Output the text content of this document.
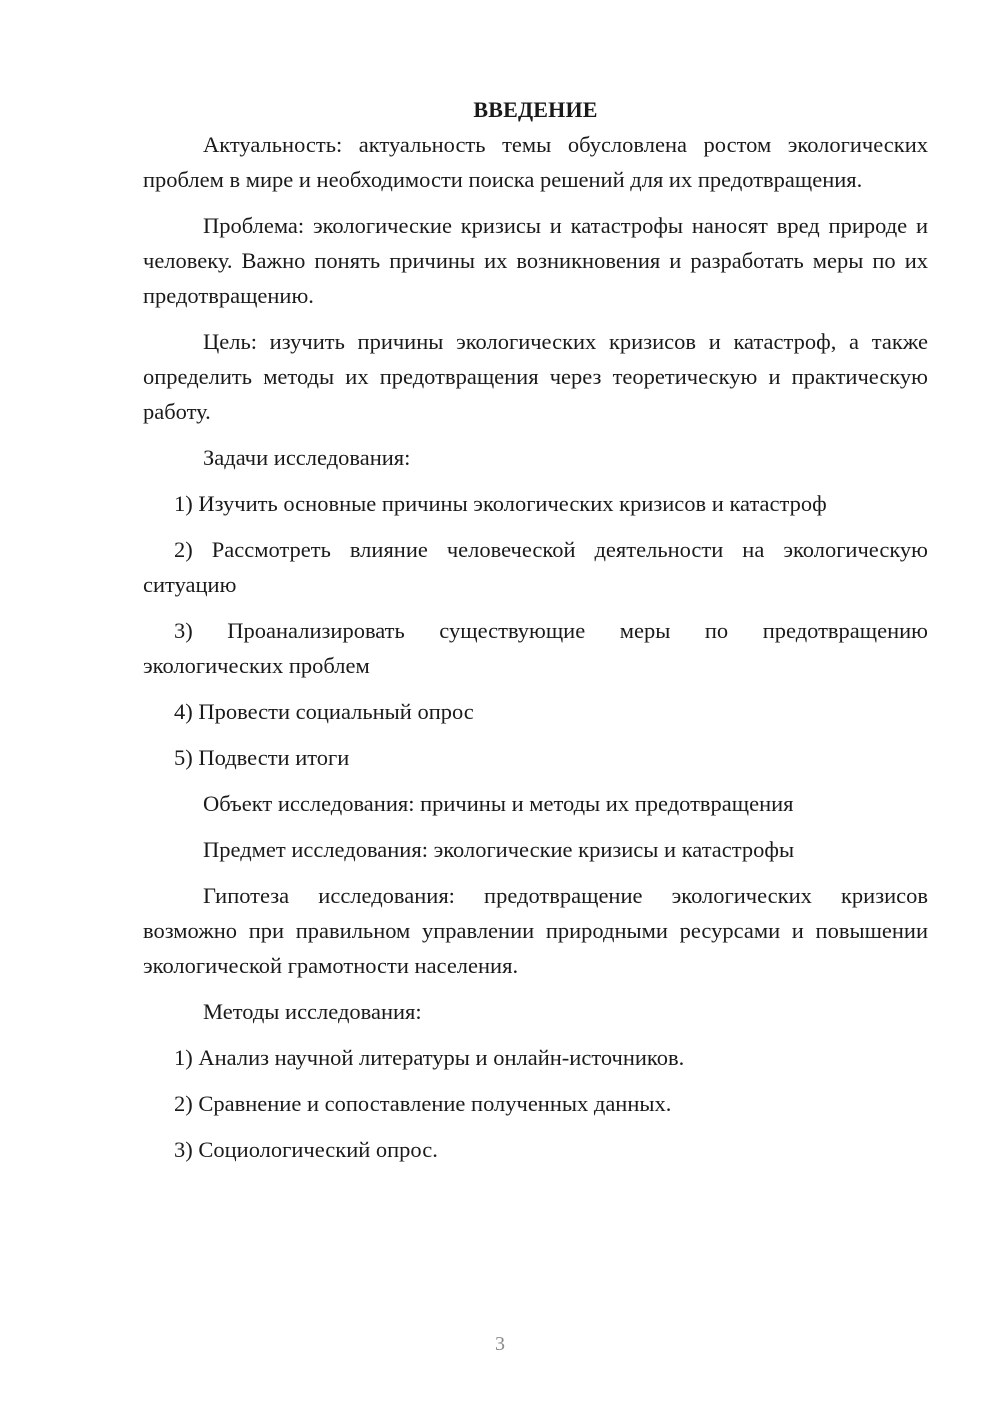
ВВЕДЕНИЕ

Актуальность: актуальность темы обусловлена ростом экологических проблем в мире и необходимости поиска решений для их предотвращения.

Проблема: экологические кризисы и катастрофы наносят вред природе и человеку. Важно понять причины их возникновения и разработать меры по их предотвращению.

Цель: изучить причины экологических кризисов и катастроф, а также определить методы их предотвращения через теоретическую и практическую работу.

Задачи исследования:

1) Изучить основные причины экологических кризисов и катастроф

2) Рассмотреть влияние человеческой деятельности на экологическую ситуацию

3) Проанализировать существующие меры по предотвращению экологических проблем

4) Провести социальный опрос

5) Подвести итоги

Объект исследования: причины и методы их предотвращения

Предмет исследования: экологические кризисы и катастрофы

Гипотеза исследования: предотвращение экологических кризисов возможно при правильном управлении природными ресурсами и повышении экологической грамотности населения.

Методы исследования:

1) Анализ научной литературы и онлайн-источников.

2) Сравнение и сопоставление полученных данных.

3) Социологический опрос.

3
